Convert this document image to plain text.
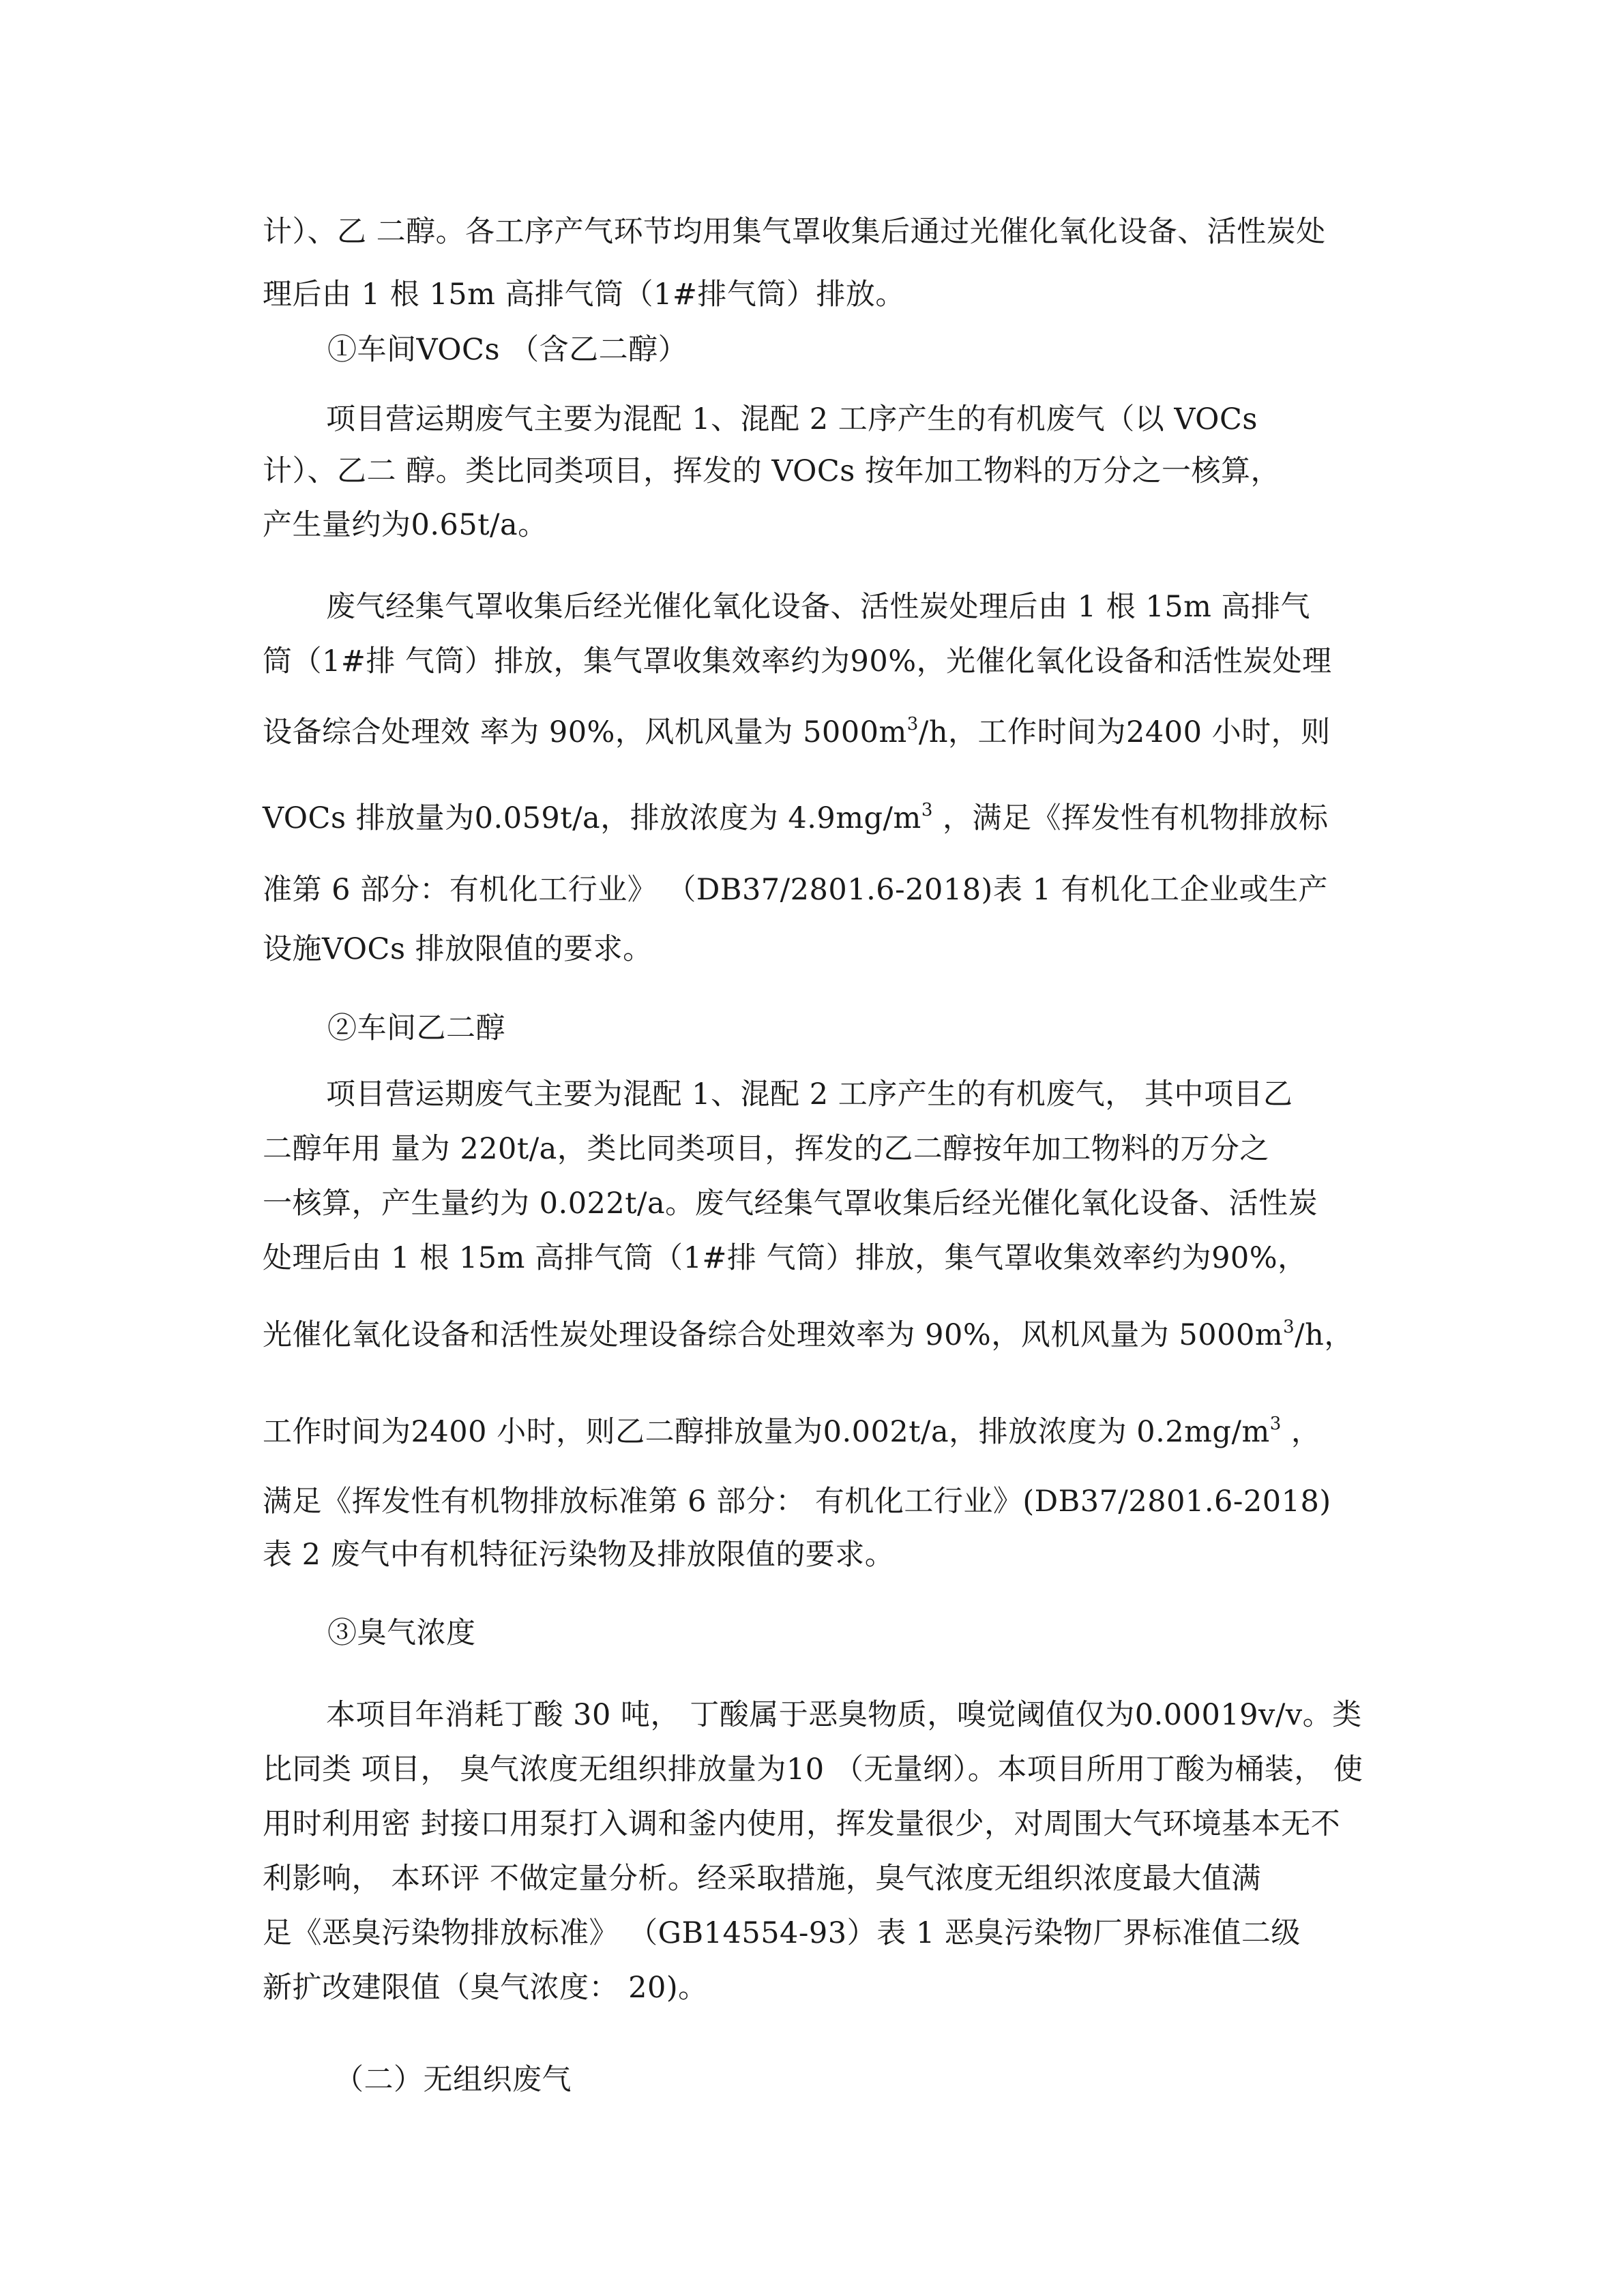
计）、乙 二醇。各工序产气环节均用集气罩收集后通过光催化氧化设备、活性炭处
理后由 1 根 15m 高排气筒（1#排气筒）排放。
①车间VOCs （含乙二醇）
项目营运期废气主要为混配 1、混配 2 工序产生的有机废气（以 VOCs
计）、乙二 醇。类比同类项目，挥发的 VOCs 按年加工物料的万分之一核算，
产生量约为0.65t/a。
废气经集气罩收集后经光催化氧化设备、活性炭处理后由 1 根 15m 高排气
筒（1#排 气筒）排放，集气罩收集效率约为90%，光催化氧化设备和活性炭处理
设备综合处理效 率为 90%，风机风量为 $5000m^3/h$，工作时间为2400 小时，则
VOCs 排放量为0.059t/a，排放浓度为 $4.9mg/m^3$ ，满足《挥发性有机物排放标
准第 6 部分：有机化工行业》 （DB37/2801.6-2018)表 1 有机化工企业或生产
设施VOCs 排放限值的要求。
②车间乙二醇
项目营运期废气主要为混配 1、混配 2 工序产生的有机废气， 其中项目乙
二醇年用 量为 220t/a，类比同类项目，挥发的乙二醇按年加工物料的万分之
一核算，产生量约为 0.022t/a。废气经集气罩收集后经光催化氧化设备、活性炭
处理后由 1 根 15m 高排气筒（1#排 气筒）排放，集气罩收集效率约为90%，
光催化氧化设备和活性炭处理设备综合处理效率为 90%，风机风量为 $5000m^3/h$，
工作时间为2400 小时，则乙二醇排放量为0.002t/a，排放浓度为 $0.2mg/m^3$ ，
满足《挥发性有机物排放标准第 6 部分： 有机化工行业》(DB37/2801.6-2018)
表 2 废气中有机特征污染物及排放限值的要求。
③臭气浓度
本项目年消耗丁酸 30 吨， 丁酸属于恶臭物质，嗅觉阈值仅为0.00019v/v。类
比同类 项目， 臭气浓度无组织排放量为10 （无量纲）。本项目所用丁酸为桶装， 使
用时利用密 封接口用泵打入调和釜内使用，挥发量很少，对周围大气环境基本无不
利影响， 本环评 不做定量分析。经采取措施，臭气浓度无组织浓度最大值满
足《恶臭污染物排放标准》 （GB14554-93）表 1 恶臭污染物厂界标准值二级
新扩改建限值（臭气浓度： 20)。
（二）无组织废气
